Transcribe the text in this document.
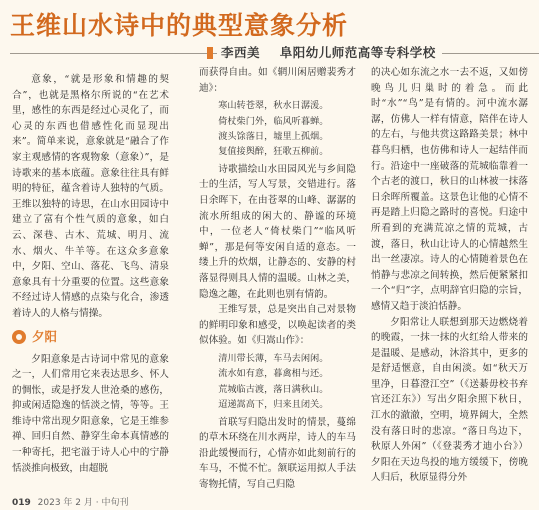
王维山水诗中的典型意象分析
李西美 阜阳幼儿师范高等专科学校

意象，“就是形象和情趣的契合”，也就是黑格尔所说的“在艺术里，感性的东西是经过心灵化了，而心灵的东西也借感性化而显现出来”。简单来说，意象就是“融合了作家主观感情的客观物象（意象）”，是诗歌来的基本底蕴。意象往往具有鲜明的特征，蕴含着诗人独特的气质。王维以独特的诗思，在山水田园诗中建立了富有个性气质的意象，如白云、深巷、古木、荒城、明月、流水、烟火、牛羊等。在这众多意象中，夕阳、空山、落花、飞鸟、清泉意象具有十分重要的位置。这些意象不经过诗人情感的点染与化合，渗透着诗人的人格与情操。

夕阳

夕阳意象是古诗词中常见的意象之一，人们常用它来表达思乡、怀人的惆怅，或是抒发人世沧桑的感伤，抑或闲适隐逸的恬淡之情，等等。王维诗中常出现夕阳意象，它是王维参禅、回归自然、静穿生命本真情感的一种寄托，把宅溢于诗人心中的宁静恬淡推向极致，由超脱

而获得自由。如《辋川闲居赠裴秀才迪》：

寒山转苍翠，秋水日潺湲。
倚杖柴门外，临风听暮蝉。
渡头馀落日，墟里上孤烟。
复值接舆醉，狂歌五柳前。

诗歌描绘山水田园风光与乡间隐士的生活，写人写景，交错进行。落日余晖下，在由苍翠的山峰、潺潺的流水所组成的闲大的、静谧的环境中，一位老人“倚杖柴门”“临风听蝉”，那是何等安闲自适的意态。一缕上升的炊烟，让静态的、安静的村落显得则具人情的温暖。山林之美，隐逸之趣，在此则也别有情韵。

王维写景，总是突出自己对景物的鲜明印象和感受，以唤起读者的类似体验。如《归嵩山作》：

清川带长薄，车马去闲闲。
流水如有意，暮禽相与还。
荒城临古渡，落日满秋山。
迢递嵩高下，归来且闭关。

首联写归隐出发时的情景，蔓绵的草木环绕在川水两岸，诗人的车马沿此缓慢而行，心情亦如此刻前行的车马，不慌不忙。颔联运用拟人手法寄物托情，写自己归隐

的决心如东流之水一去不返，又如傍晚鸟儿归巢时的着急。而此时“水”“鸟”是有情的。河中流水潺潺，仿佛人一样有情意，陪伴在诗人的左右，与他共赏这路路美景；林中暮鸟归栖，也仿佛和诗人一起结伴而行。沿途中一座破落的荒城临靠着一个古老的渡口，秋日的山林被一抹落日余晖所覆盖。这景色让他的心情不再是踏上归隐之路时的喜悦。归途中所看到的充满荒凉之情的荒城，古渡，落日，秋山让诗人的心情越然生出一丝凄凉。诗人的心情随着景色在悄静与悲凉之间转换，然后便紧紧扣一个“归”字，点明辞官归隐的宗旨，感情又趋于淡泊恬静。

夕阳常让人联想到那天边燃烧着的晚霞，一抹一抹的火红给人带来的是温暖、是感动，沐浴其中，更多的是舒适惬意，自由闲淡。如“秋天万里净，日暮澄江空”（《送綦毋校书弃官还江东》）写出夕阳余照下秋日，江水的澈澈，空明，境界阔大，全然没有落日时的悲凉。“落日鸟边下，秋原人外闲”（《登裴秀才迪小台》）夕阳在天边鸟投的地方缓缓下，傍晚人归后，秋原显得分外

019 2023 年 2 月 · 中旬刊
